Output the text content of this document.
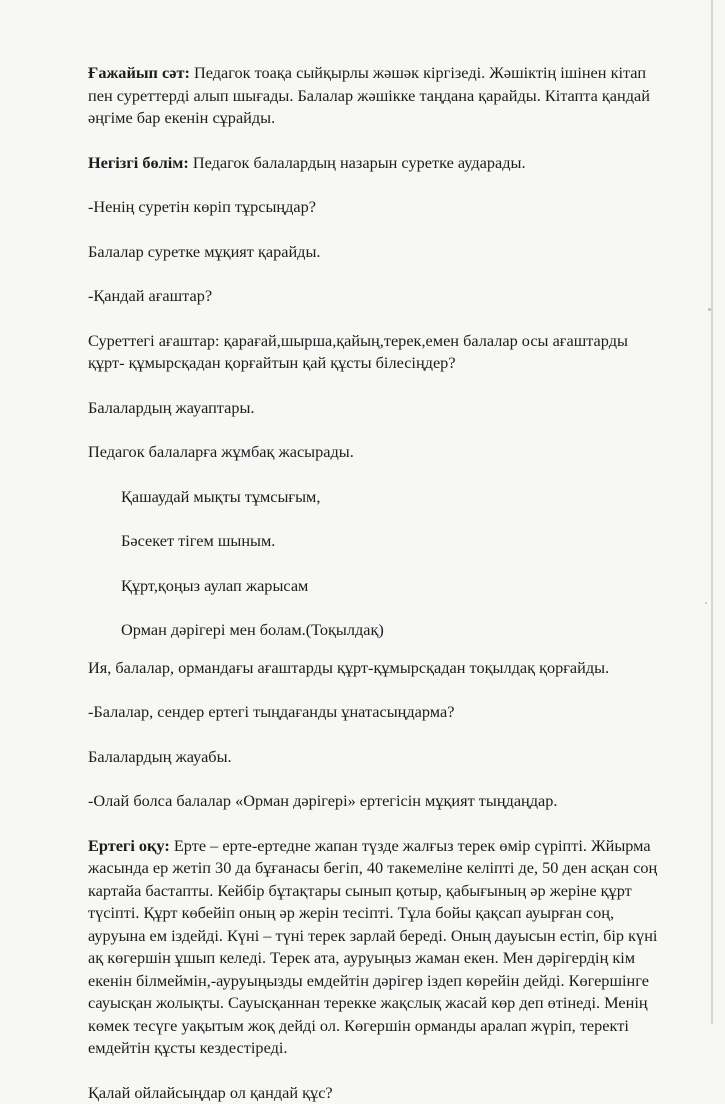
Ғажайып сәт: Педагок тоақа сыйқырлы жәшәк кіргізеді. Жәшіктің ішінен кітап пен суреттерді алып шығады. Балалар жәшікке таңдана қарайды. Кітапта қандай әңгіме бар екенін сұрайды.

Негізгі бөлім: Педагок балалардың назарын суретке аударады.

-Ненің суретін көріп тұрсыңдар?

Балалар суретке мұқият қарайды.

-Қандай ағаштар?

Суреттегі ағаштар: қарағай,шырша,қайың,терек,емен балалар осы ағаштарды құрт- құмырсқадан қорғайтын қай құсты білесіңдер?

Балалардың жауаптары.

Педагок балаларға жұмбақ жасырады.

Қашаудай мықты тұмсығым,

Бәсекет тігем шыным.

Құрт,қоңыз аулап жарысам

Орман дәрігері мен болам.(Тоқылдақ)

Ия, балалар, ормандағы ағаштарды құрт-құмырсқадан тоқылдақ қорғайды.

-Балалар, сендер ертегі тыңдағанды ұнатасыңдарма?

Балалардың жауабы.

-Олай болса балалар «Орман дәрігері» ертегісін мұқият тыңдаңдар.

Ертегі оқу: Ерте – ерте-ертедне жапан түзде жалғыз терек өмір сүріпті. Жйырма жасында ер жетіп 30 да бұғанасы бегіп, 40 такемеліне келіпті де, 50 ден асқан соң картайа бастапты. Кейбір бұтақтары сынып қотыр, қабығының әр жеріне құрт түсіпті. Құрт көбейіп оның әр жерін тесіпті. Тұла бойы қақсап ауырған соң, ауруына ем іздейді. Күні – түні терек зарлай береді. Оның дауысын естіп, бір күні ақ көгершін ұшып келеді. Терек ата, ауруыңыз жаман екен. Мен дәрігердің кім екенін білмеймін,-ауруыңызды емдейтін дәрігер іздеп көрейін дейді. Көгершінге сауысқан жолықты. Сауысқаннан терекке жақслық жасай көр деп өтінеді. Менің көмек тесүге уақытым жоқ дейді ол. Көгершін орманды аралап жүріп, теректі емдейтін құсты кездестіреді.

Қалай ойлайсыңдар ол қандай құс?
